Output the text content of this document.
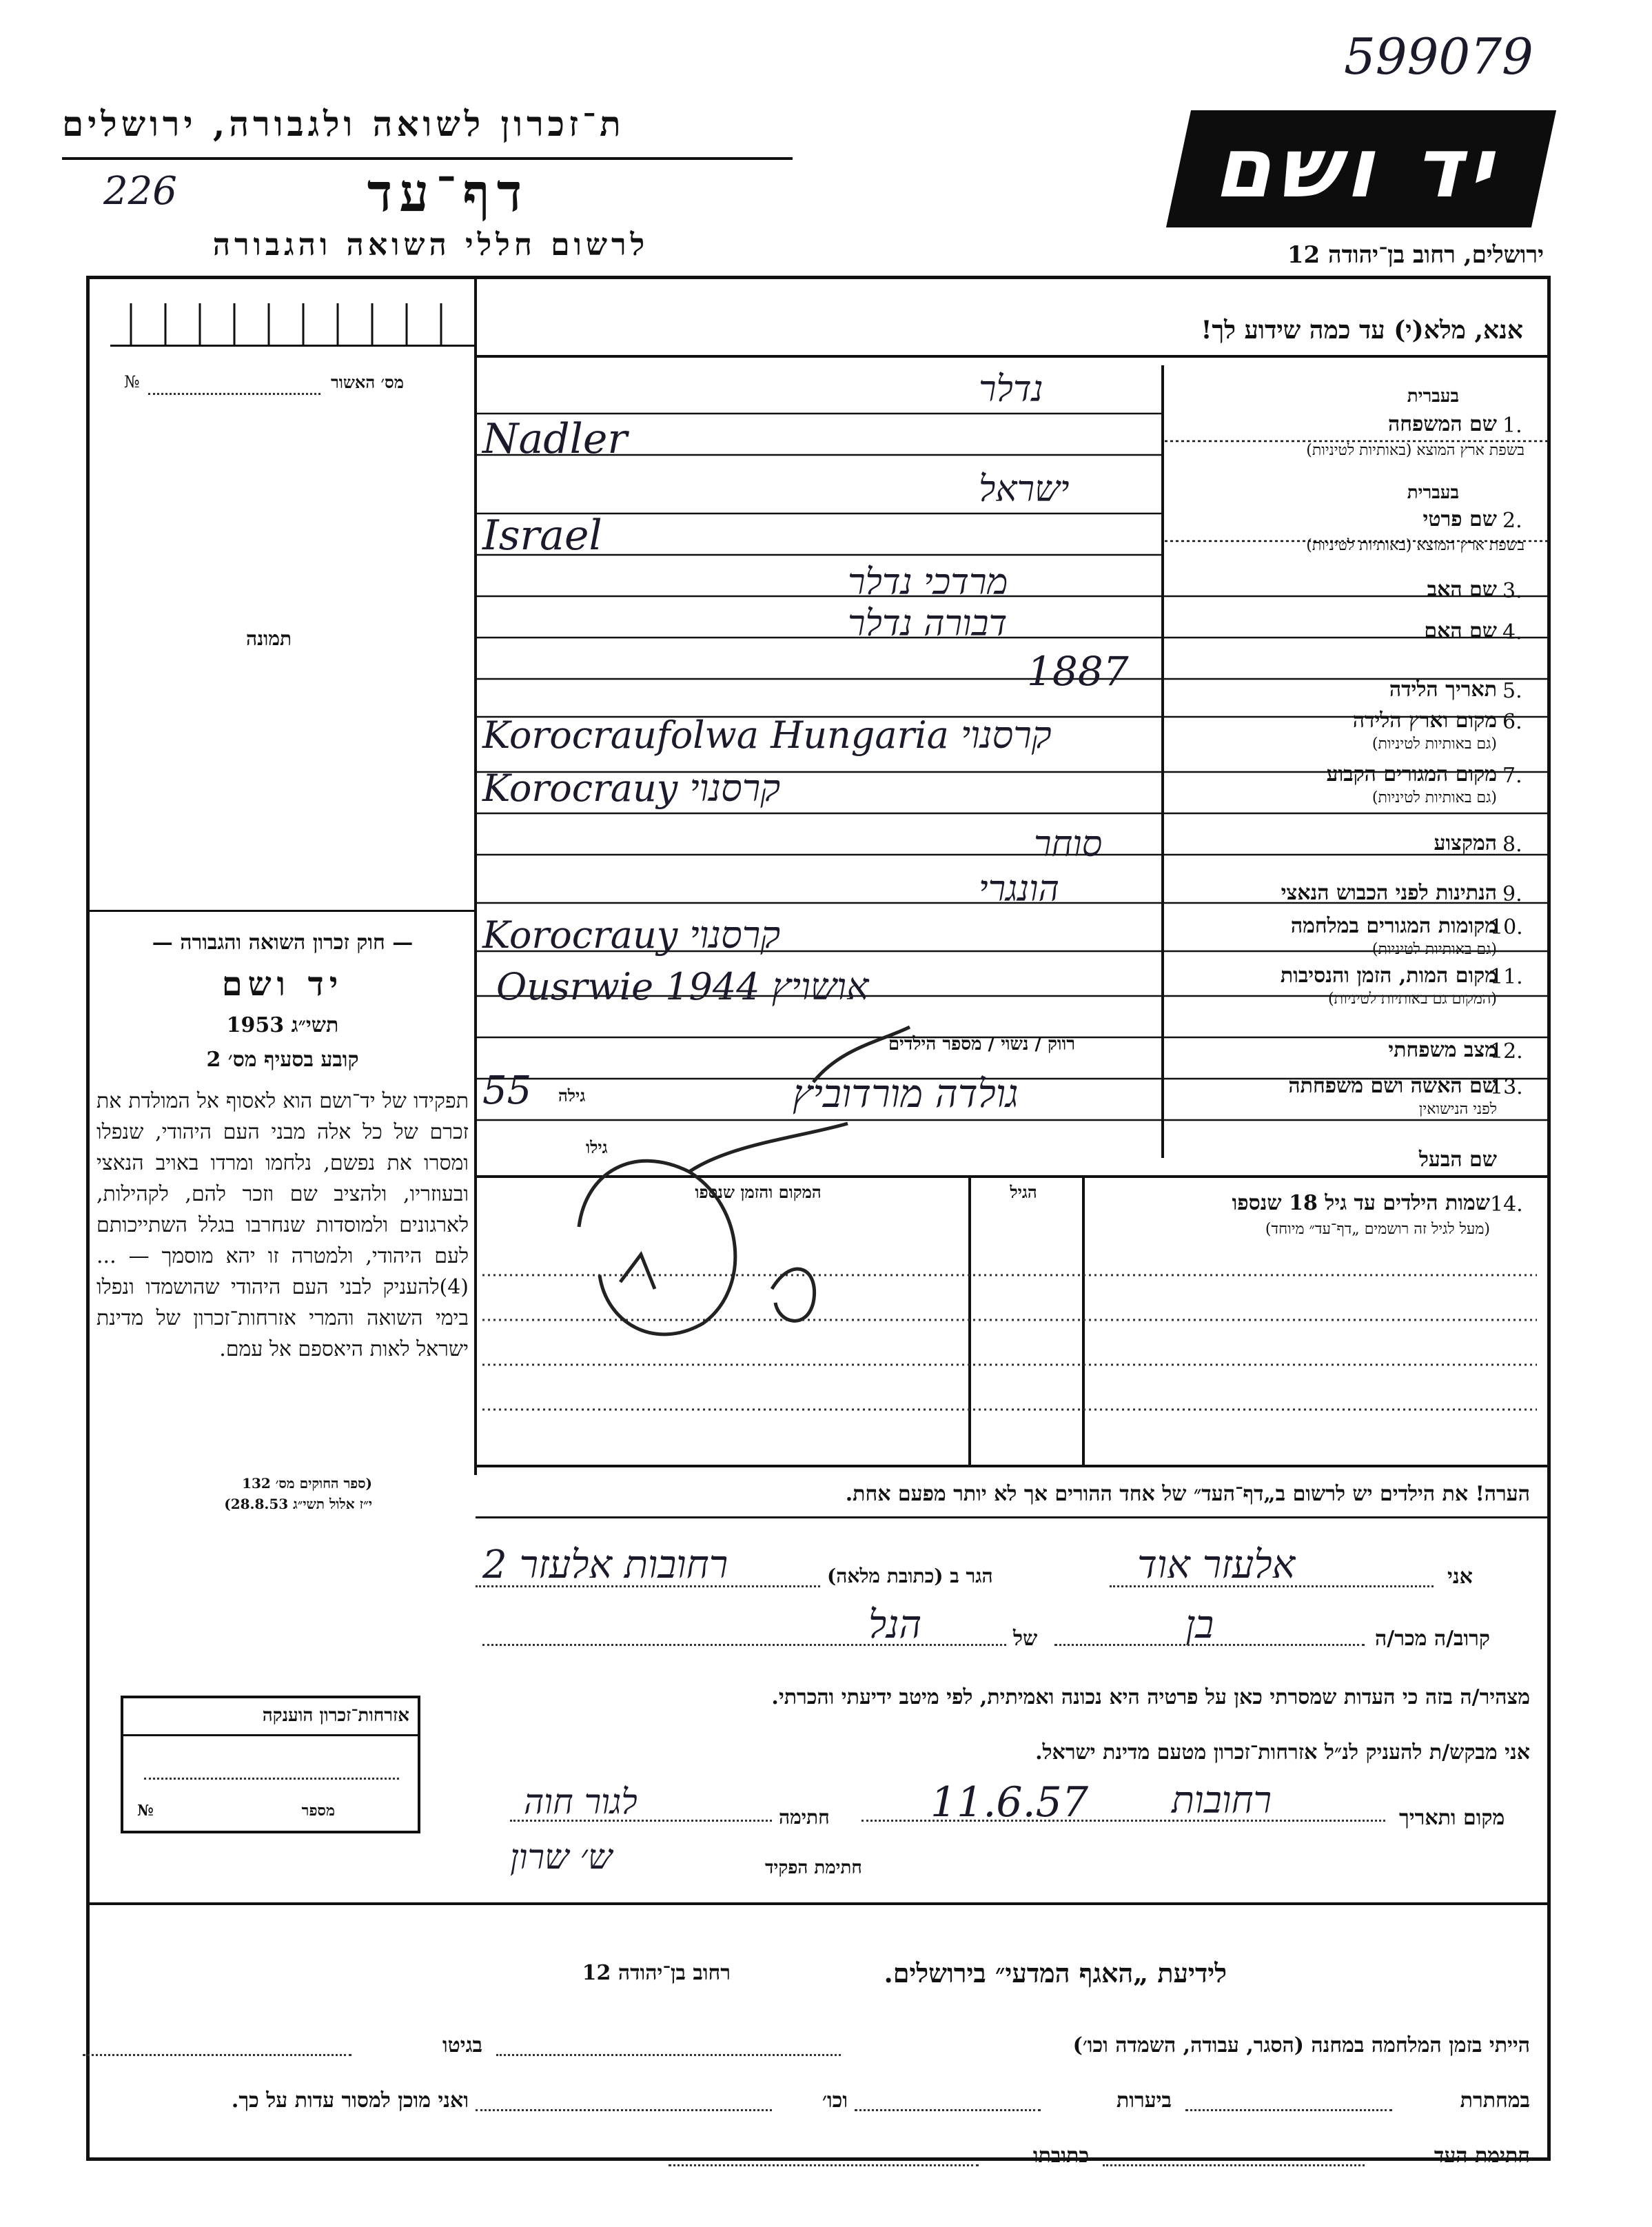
599079
ת־זכרון לשואה ולגבורה, ירושלים
226	דף־עד
לרשום חללי השואה והגבורה
יד ושם
ירושלים, רחוב בן־יהודה 12
אנא, מלא(י) עד כמה שידוע לך!
מס׳ האשור
№
תמונה
— חוק זכרון השואה והגבורה —
יד ושם
תשי״ג 1953
קובע בסעיף מס׳ 2
תפקידו של יד־ושם הוא לאסוף אל המולדת את זכרם של כל אלה מבני העם היהודי, שנפלו ומסרו את נפשם, נלחמו ומרדו באויב הנאצי ובעוזריו, ולהציב שם וזכר להם, לקהילות, לארגונים ולמוסדות שנחרבו בגלל השתייכותם לעם היהודי, ולמטרה זו יהא מוסמך — ...(4)להעניק לבני העם היהודי שהושמדו ונפלו בימי השואה והמרי אזרחות־זכרון של מדינת ישראל לאות היאספם אל עמם.
(ספר החוקים מס׳ 132
י״ז אלול תשי״ג 28.8.53)
אזרחות־זכרון הוענקה
מספר
№
בעברית
1.
שם המשפחה
בשפת ארץ המוצא (באותיות לטיניות)
נדלר
Nadler
בעברית
2.
שם פרטי
בשפת ארץ המוצא (באותיות לטיניות)
ישראל
Israel
3.
שם האב
מרדכי נדלר
4.
שם האם
דבורה נדלר
5.
תאריך הלידה
1887
6.
מקום וארץ הלידה
(גם באותיות לטיניות)
Korocraufolwa Hungaria קרסנוי
7.
מקום המגורים הקבוע
(גם באותיות לטיניות)
Korocrauy קרסנוי
8.
המקצוע
סוחר
9.
הנתינות לפני הכבוש הנאצי
הונגרי
10.
מקומות המגורים במלחמה
(גם באותיות לטיניות)
Korocrauy קרסנוי
11.
מקום המות, הזמן והנסיבות
(המקום גם באותיות לטיניות)
Ousrwie 1944 אושויץ
12.
מצב משפחתי
רווק / נשוי / מספר הילדים
13.
שם האשה ושם משפחתה
לפני הנישואין
גולדה מורדוביץ
גילה
55
שם הבעל
גילו
14.
שמות הילדים עד גיל 18 שנספו
(מעל לגיל זה רושמים „דף־עד״ מיוחד)
הגיל
המקום והזמן שנספו
הערה! את הילדים יש לרשום ב„דף־העד״ של אחד ההורים אך לא יותר מפעם אחת.
אני
אלעזר אוד
הגר ב (כתובת מלאה)
רחובות אלעזר 2
קרוב/ה מכר/ה
בן
של
הנל
מצהיר/ה בזה כי העדות שמסרתי כאן על פרטיה היא נכונה ואמיתית, לפי מיטב ידיעתי והכרתי.
אני מבקש/ת להעניק לנ״ל אזרחות־זכרון מטעם מדינת ישראל.
מקום ותאריך
רחובות
11.6.57
חתימה
לגור חוה
חתימת הפקיד
ש׳ שרון
לידיעת „האגף המדעי״ בירושלים.
רחוב בן־יהודה 12
הייתי בזמן המלחמה במחנה (הסגר, עבודה, השמדה וכו׳)
בגיטו
במחתרת
ביערות
וכו׳
ואני מוכן למסור עדות על כך.
חתימת העד
כתובתו
